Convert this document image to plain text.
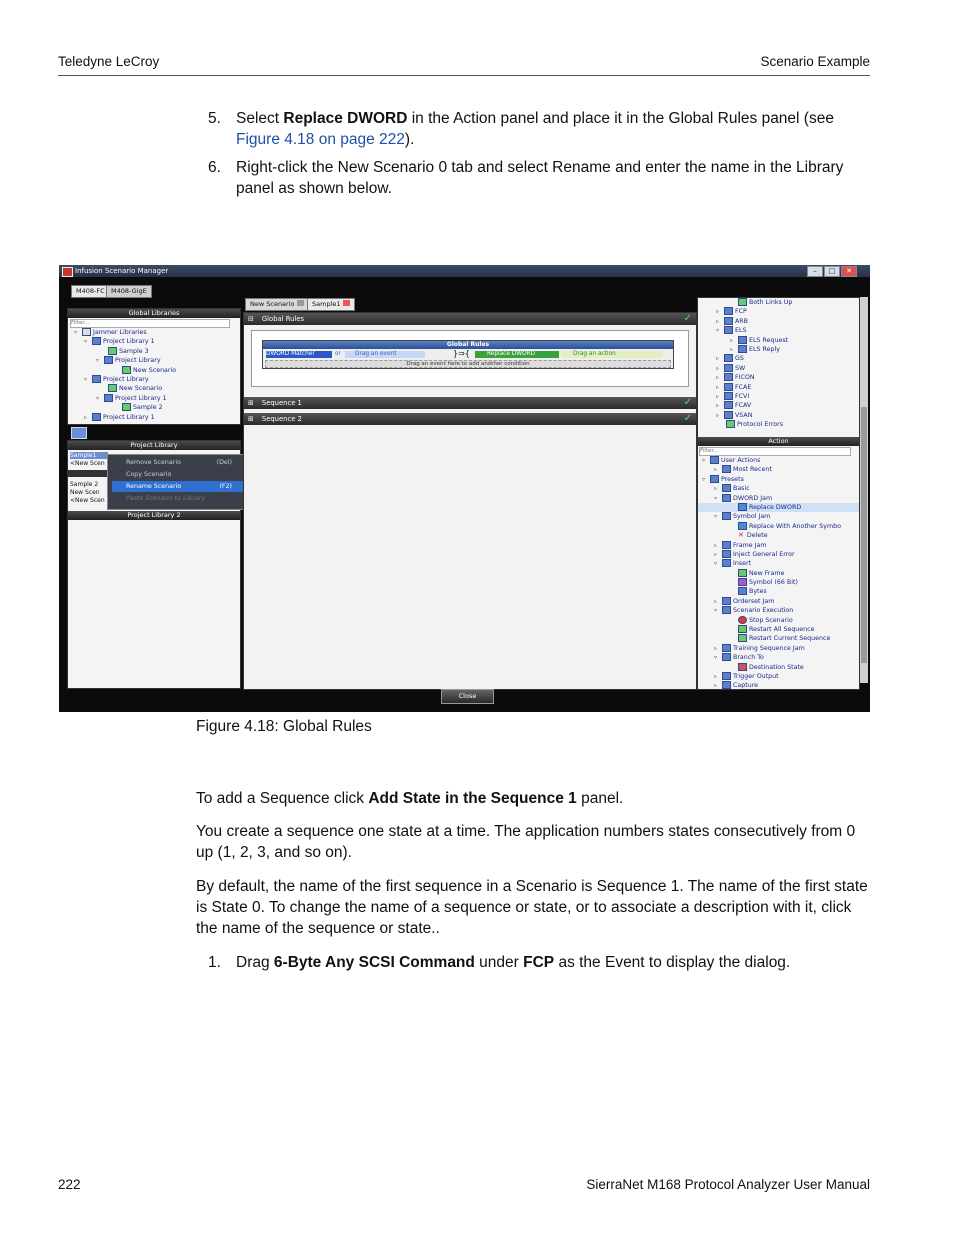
Teledyne LeCroy	Scenario Example
5. Select Replace DWORD in the Action panel and place it in the Global Rules panel (see Figure 4.18 on page 222).
6. Right-click the New Scenario 0 tab and select Rename and enter the name in the Library panel as shown below.
Infusion Scenario Manager	–	□	✕
M408-FC M408-GigE
Global Libraries
Filter...
▿	Jammer Libraries
▿	Project Library 1
Sample 3
▿	Project Library
New Scenario
▿	Project Library
New Scenario
▿	Project Library 1
Sample 2
▹	Project Library 1
Project Library
Sample1
<New Scen
Sample 2
New Scen
<New Scen
Project Library 2
Remove Scenario	(Del)
Copy Scenario
Rename Scenario	(F2)
Paste Scenario to Library
New Scenario	Sample1
⊟ Global Rules	✓
Global Rules
DWORD Matcher	or	Drag an event	}⇒{	Replace DWORD	Drag an action
Drag an event here to add another condition
⊞ Sequence 1	✓
⊞ Sequence 2	✓
Both Links Up
▹	FCP
▹	ARB
▿	ELS
▹	ELS Request
▹	ELS Reply
▹	GS
▹	SW
▹	FICON
▹	FCAE
▹	FCVI
▹	FCAV
▹	VSAN
Protocol Errors
Action
Filter...
▿	User Actions
▹	Most Recent
▿	Presets
▹	Basic
▿	DWORD Jam
Replace DWORD
▿	Symbol Jam
Replace With Another Symbo
✕ Delete
▹	Frame Jam
▹	Inject General Error
▿	Insert
New Frame
Symbol (66 Bit)
Bytes
▹	Orderset Jam
▿	Scenario Execution
Stop Scenario
Restart All Sequence
Restart Current Sequence
▹	Training Sequence Jam
▿	Branch To
Destination State
▹	Trigger Output
▹	Capture
Close
Figure 4.18: Global Rules
To add a Sequence click Add State in the Sequence 1 panel.
You create a sequence one state at a time. The application numbers states consecutively from 0 up (1, 2, 3, and so on).
By default, the name of the first sequence in a Scenario is Sequence 1. The name of the first state is State 0. To change the name of a sequence or state, or to associate a description with it, click the name of the sequence or state..
1. Drag 6-Byte Any SCSI Command under FCP as the Event to display the dialog.
222	SierraNet M168 Protocol Analyzer User Manual
